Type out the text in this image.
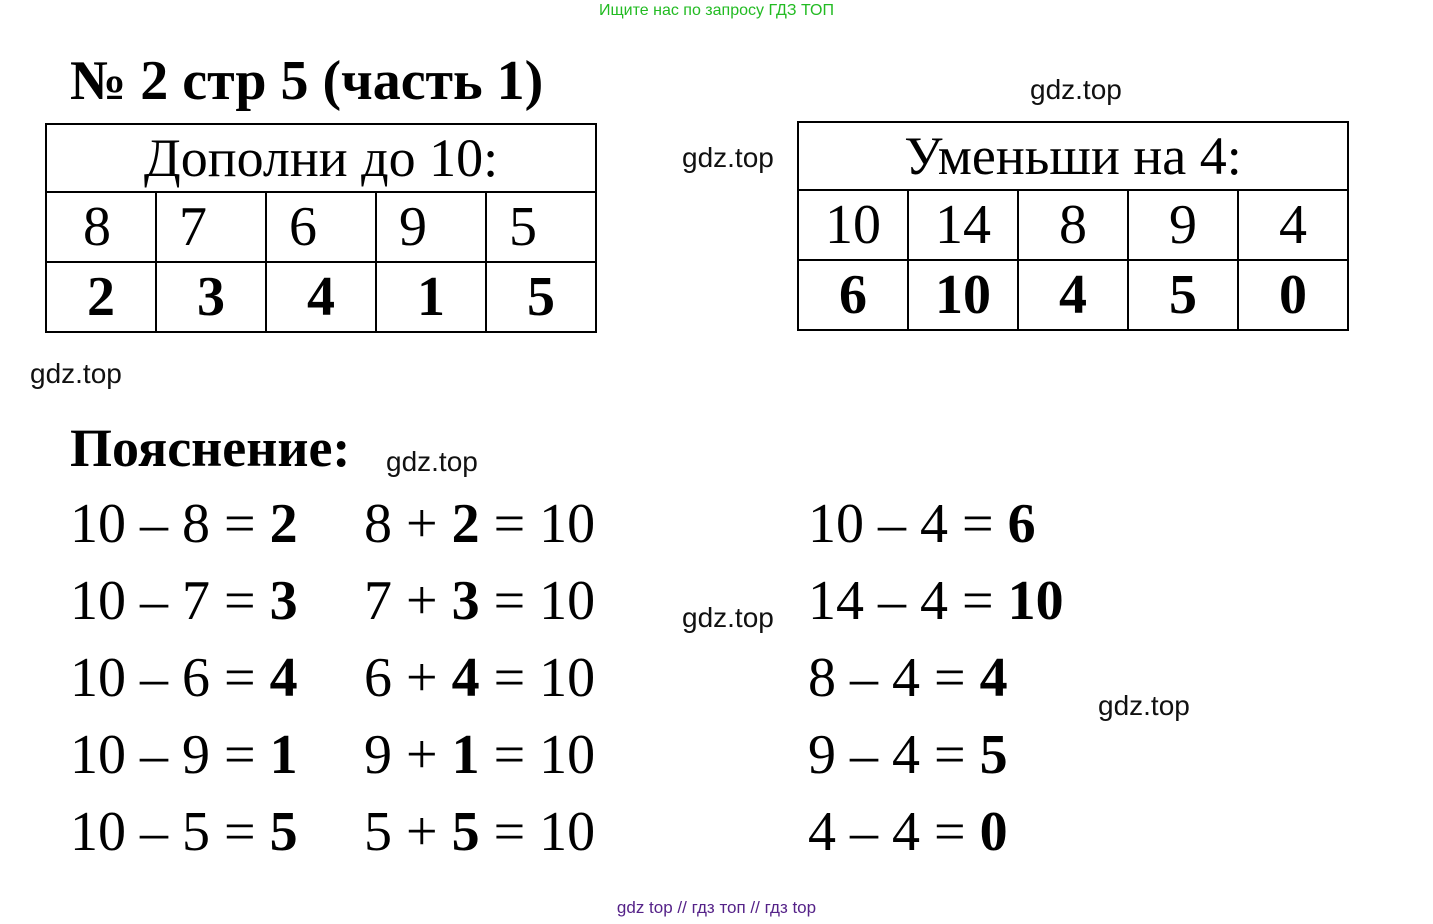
Ищите нас по запросу ГДЗ ТОП
№ 2 стр 5 (часть 1)	gdz.top
gdz.top
gdz.top
gdz.top
gdz.top
gdz.top
Дополни до 10:				
8	7	6	9	5
2	3	4	1	5
Уменьши на 4:				
10	14	8	9	4
6	10	4	5	0
Пояснение:
10 – 8 = 2
10 – 7 = 3
10 – 6 = 4
10 – 9 = 1
10 – 5 = 5
8 + 2 = 10
7 + 3 = 10
6 + 4 = 10
9 + 1 = 10
5 + 5 = 10
10 – 4 = 6
14 – 4 = 10
8 – 4 = 4
9 – 4 = 5
4 – 4 = 0
gdz top // гдз топ // гдз top
